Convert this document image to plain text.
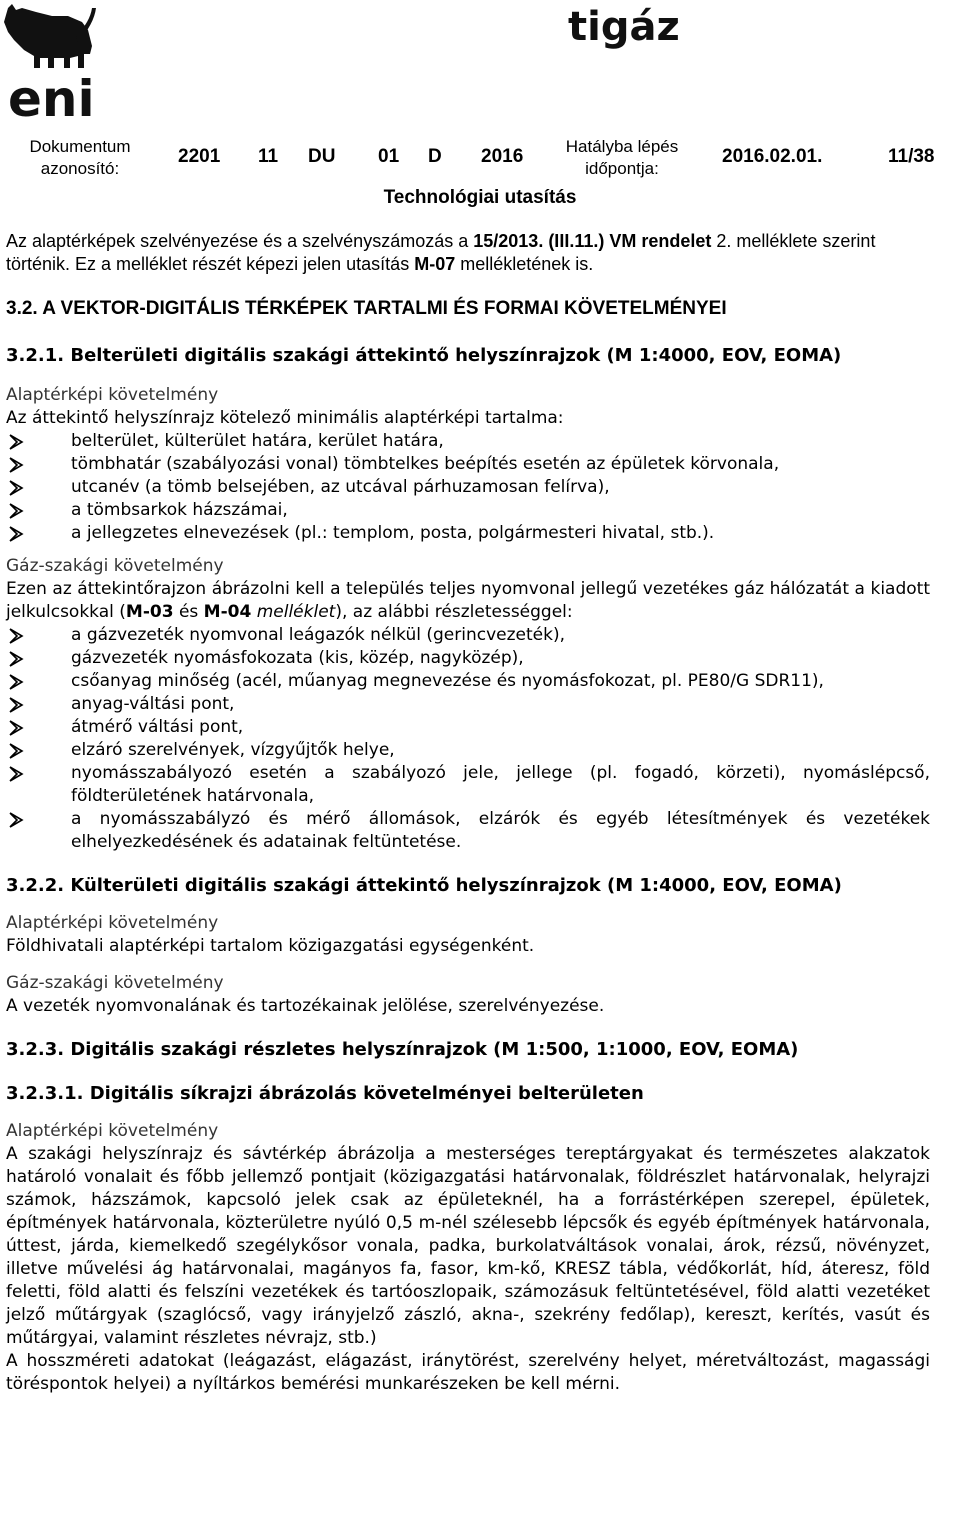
eni
tigáz
Dokumentum
azonosító:
2201 11 DU 01 D 2016	Hatályba lépés
időpontja:
2016.02.01.	11/38
Technológiai utasítás

Az alaptérképek szelvényezése és a szelvényszámozás a 15/2013. (III.11.) VM rendelet 2. melléklete szerint történik. Ez a melléklet részét képezi jelen utasítás M-07 mellékletének is.

3.2. A VEKTOR-DIGITÁLIS TÉRKÉPEK TARTALMI ÉS FORMAI KÖVETELMÉNYEI

3.2.1. Belterületi digitális szakági áttekintő helyszínrajzok (M 1:4000, EOV, EOMA)

Alaptérképi követelmény

Az áttekintő helyszínrajz kötelező minimális alaptérképi tartalma:

belterület, külterület határa, kerület határa,
tömbhatár (szabályozási vonal) tömbtelkes beépítés esetén az épületek körvonala,
utcanév (a tömb belsejében, az utcával párhuzamosan felírva),
a tömbsarkok házszámai,
a jellegzetes elnevezések (pl.: templom, posta, polgármesteri hivatal, stb.).

Gáz-szakági követelmény

Ezen az áttekintőrajzon ábrázolni kell a település teljes nyomvonal jellegű vezetékes gáz hálózatát a kiadott jelkulcsokkal (M-03 és M-04 melléklet), az alábbi részletességgel:

a gázvezeték nyomvonal leágazók nélkül (gerincvezeték),
gázvezeték nyomásfokozata (kis, közép, nagyközép),
csőanyag minőség (acél, műanyag megnevezése és nyomásfokozat, pl. PE80/G SDR11),
anyag-váltási pont,
átmérő váltási pont,
elzáró szerelvények, vízgyűjtők helye,
nyomásszabályozó esetén a szabályozó jele, jellege (pl. fogadó, körzeti), nyomáslépcső, földterületének határvonala,
a nyomásszabályzó és mérő állomások, elzárók és egyéb létesítmények és vezetékek elhelyezkedésének és adatainak feltüntetése.

3.2.2. Külterületi digitális szakági áttekintő helyszínrajzok (M 1:4000, EOV, EOMA)

Alaptérképi követelmény

Földhivatali alaptérképi tartalom közigazgatási egységenként.

Gáz-szakági követelmény

A vezeték nyomvonalának és tartozékainak jelölése, szerelvényezése.

3.2.3. Digitális szakági részletes helyszínrajzok (M 1:500, 1:1000, EOV, EOMA)

3.2.3.1. Digitális síkrajzi ábrázolás követelményei belterületen

Alaptérképi követelmény

A szakági helyszínrajz és sávtérkép ábrázolja a mesterséges tereptárgyakat és természetes alakzatok határoló vonalait és főbb jellemző pontjait (közigazgatási határvonalak, földrészlet határvonalak, helyrajzi számok, házszámok, kapcsoló jelek csak az épületeknél, ha a forrástérképen szerepel, épületek, építmények határvonala, közterületre nyúló 0,5 m-nél szélesebb lépcsők és egyéb építmények határvonala, úttest, járda, kiemelkedő szegélykősor vonala, padka, burkolatváltások vonalai, árok, rézsű, növényzet, illetve művelési ág határvonalai, magányos fa, fasor, km-kő, KRESZ tábla, védőkorlát, híd, áteresz, föld feletti, föld alatti és felszíni vezetékek és tartóoszlopaik, számozásuk feltüntetésével, föld alatti vezetéket jelző műtárgyak (szaglócső, vagy irányjelző zászló, akna-, szekrény fedőlap), kereszt, kerítés, vasút és műtárgyai, valamint részletes névrajz, stb.)

A hosszméreti adatokat (leágazást, elágazást, iránytörést, szerelvény helyet, méretváltozást, magassági töréspontok helyei) a nyíltárkos bemérési munkarészeken be kell mérni.
